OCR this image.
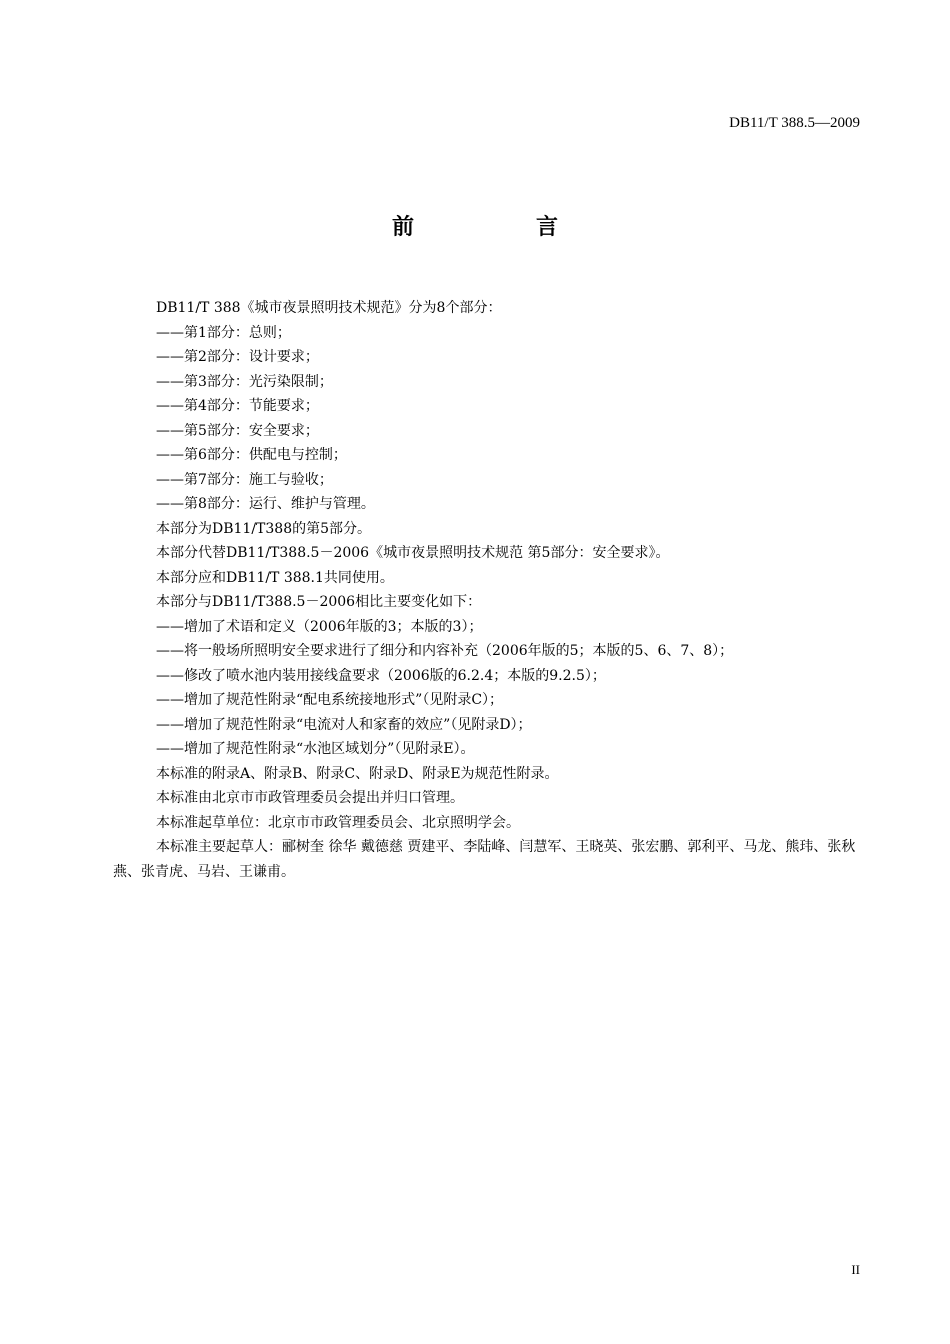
DB11/T 388.5—2009
前　言

DB11/T 388《城市夜景照明技术规范》分为8个部分：

——第1部分：总则；

——第2部分：设计要求；

——第3部分：光污染限制；

——第4部分：节能要求；

——第5部分：安全要求；

——第6部分：供配电与控制；

——第7部分：施工与验收；

——第8部分：运行、维护与管理。

本部分为DB11/T388的第5部分。

本部分代替DB11/T388.5－2006《城市夜景照明技术规范 第5部分：安全要求》。

本部分应和DB11/T 388.1共同使用。

本部分与DB11/T388.5－2006相比主要变化如下：

——增加了术语和定义（2006年版的3；本版的3）；

——将一般场所照明安全要求进行了细分和内容补充（2006年版的5；本版的5、6、7、8）；

——修改了喷水池内装用接线盒要求（2006版的6.2.4；本版的9.2.5）；

——增加了规范性附录“配电系统接地形式”（见附录C）；

——增加了规范性附录“电流对人和家畜的效应”（见附录D）；

——增加了规范性附录“水池区域划分”（见附录E）。

本标准的附录A、附录B、附录C、附录D、附录E为规范性附录。

本标准由北京市市政管理委员会提出并归口管理。

本标准起草单位：北京市市政管理委员会、北京照明学会。

本标准主要起草人：郦树奎 徐华 戴德慈 贾建平、李陆峰、闫慧军、王晓英、张宏鹏、郭利平、马龙、熊玮、张秋燕、张青虎、马岩、王谦甫。

II
